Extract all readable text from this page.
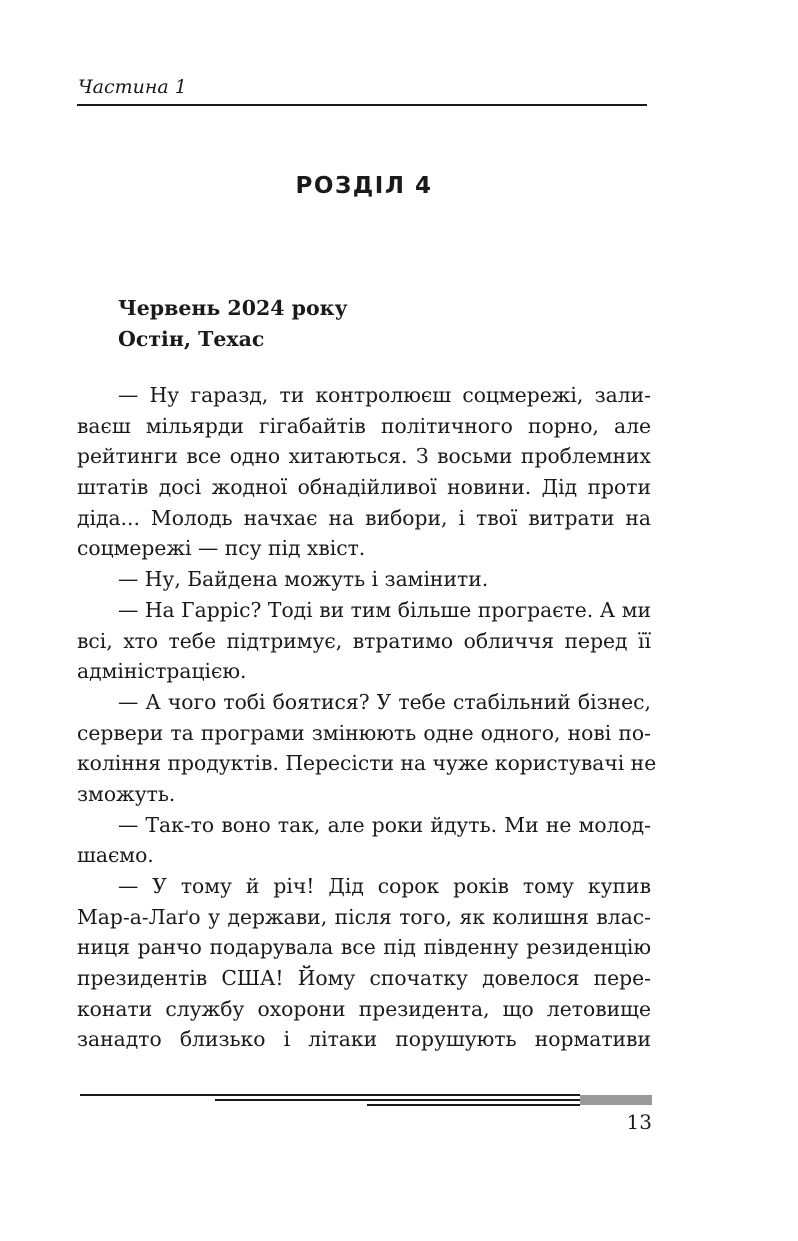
Частина 1
РОЗДІЛ 4
Червень 2024 року
Остін, Техас
— Ну гаразд, ти контролюєш соцмережі, зали-
ваєш мільярди гігабайтів політичного порно, але
рейтинги все одно хитаються. З восьми проблемних
штатів досі жодної обнадійливої новини. Дід проти
діда... Молодь начхає на вибори, і твої витрати на
соцмережі — псу під хвіст.
— Ну, Байдена можуть і замінити.
— На Гарріс? Тоді ви тим більше програєте. А ми
всі, хто тебе підтримує, втратимо обличчя перед її
адміністрацією.
— А чого тобі боятися? У тебе стабільний бізнес,
сервери та програми змінюють одне одного, нові по-
коління продуктів. Пересісти на чуже користувачі не
зможуть.
— Так-то воно так, але роки йдуть. Ми не молод-
шаємо.
— У тому й річ! Дід сорок років тому купив
Мар-а-Лаґо у держави, після того, як колишня влас-
ниця ранчо подарувала все під південну резиденцію
президентів США! Йому спочатку довелося пере-
конати службу охорони президента, що летовище
занадто близько і літаки порушують нормативи
13
